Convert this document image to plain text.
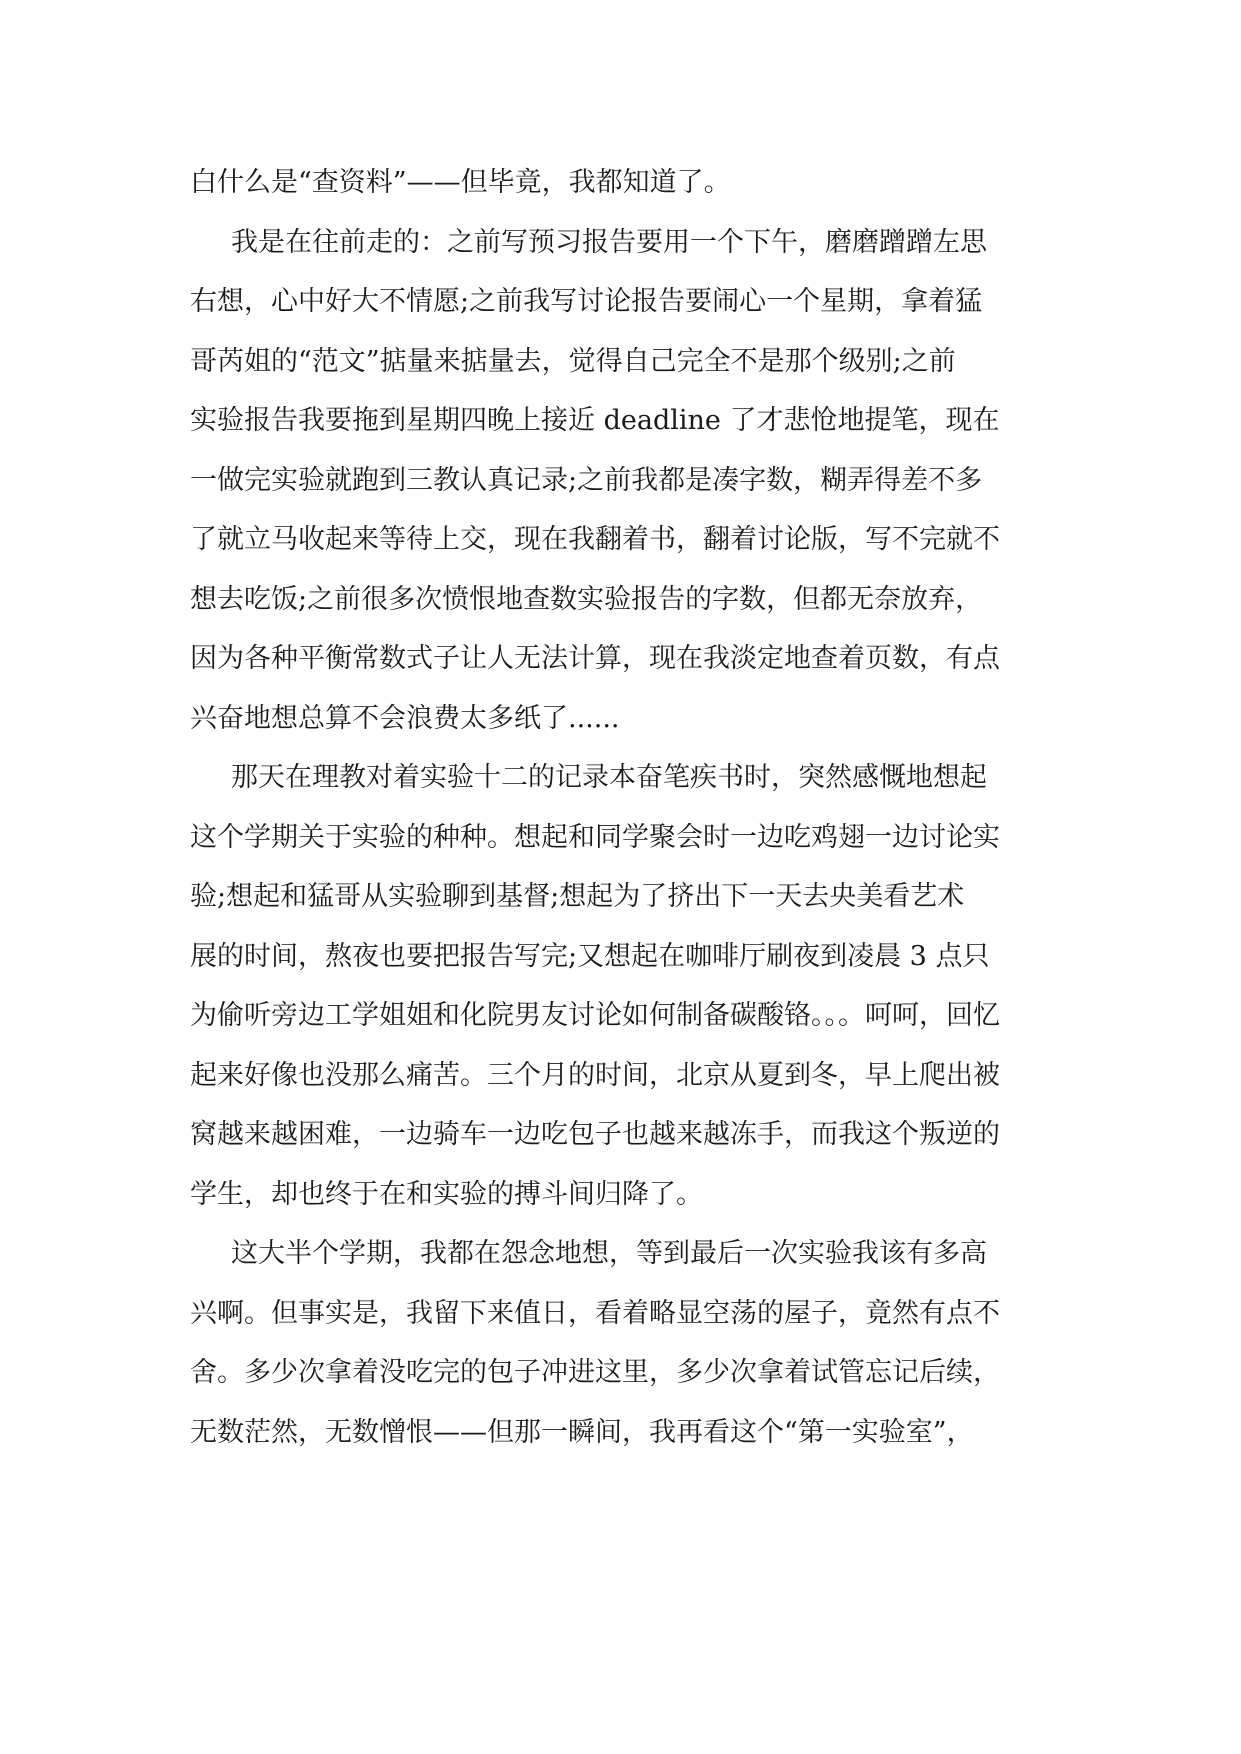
白什么是“查资料”——但毕竟，我都知道了。

我是在往前走的：之前写预习报告要用一个下午，磨磨蹭蹭左思
右想，心中好大不情愿;之前我写讨论报告要闹心一个星期，拿着猛
哥芮姐的“范文”掂量来掂量去，觉得自己完全不是那个级别;之前
实验报告我要拖到星期四晚上接近 deadline 了才悲怆地提笔，现在
一做完实验就跑到三教认真记录;之前我都是凑字数，糊弄得差不多
了就立马收起来等待上交，现在我翻着书，翻着讨论版，写不完就不
想去吃饭;之前很多次愤恨地查数实验报告的字数，但都无奈放弃，
因为各种平衡常数式子让人无法计算，现在我淡定地查着页数，有点
兴奋地想总算不会浪费太多纸了......

那天在理教对着实验十二的记录本奋笔疾书时，突然感慨地想起
这个学期关于实验的种种。想起和同学聚会时一边吃鸡翅一边讨论实
验;想起和猛哥从实验聊到基督;想起为了挤出下一天去央美看艺术
展的时间，熬夜也要把报告写完;又想起在咖啡厅刷夜到凌晨 3 点只
为偷听旁边工学姐姐和化院男友讨论如何制备碳酸铬。。。呵呵，回忆
起来好像也没那么痛苦。三个月的时间，北京从夏到冬，早上爬出被
窝越来越困难，一边骑车一边吃包子也越来越冻手，而我这个叛逆的
学生，却也终于在和实验的搏斗间归降了。

这大半个学期，我都在怨念地想，等到最后一次实验我该有多高
兴啊。但事实是，我留下来值日，看着略显空荡的屋子，竟然有点不
舍。多少次拿着没吃完的包子冲进这里，多少次拿着试管忘记后续，
无数茫然，无数憎恨——但那一瞬间，我再看这个“第一实验室”，
